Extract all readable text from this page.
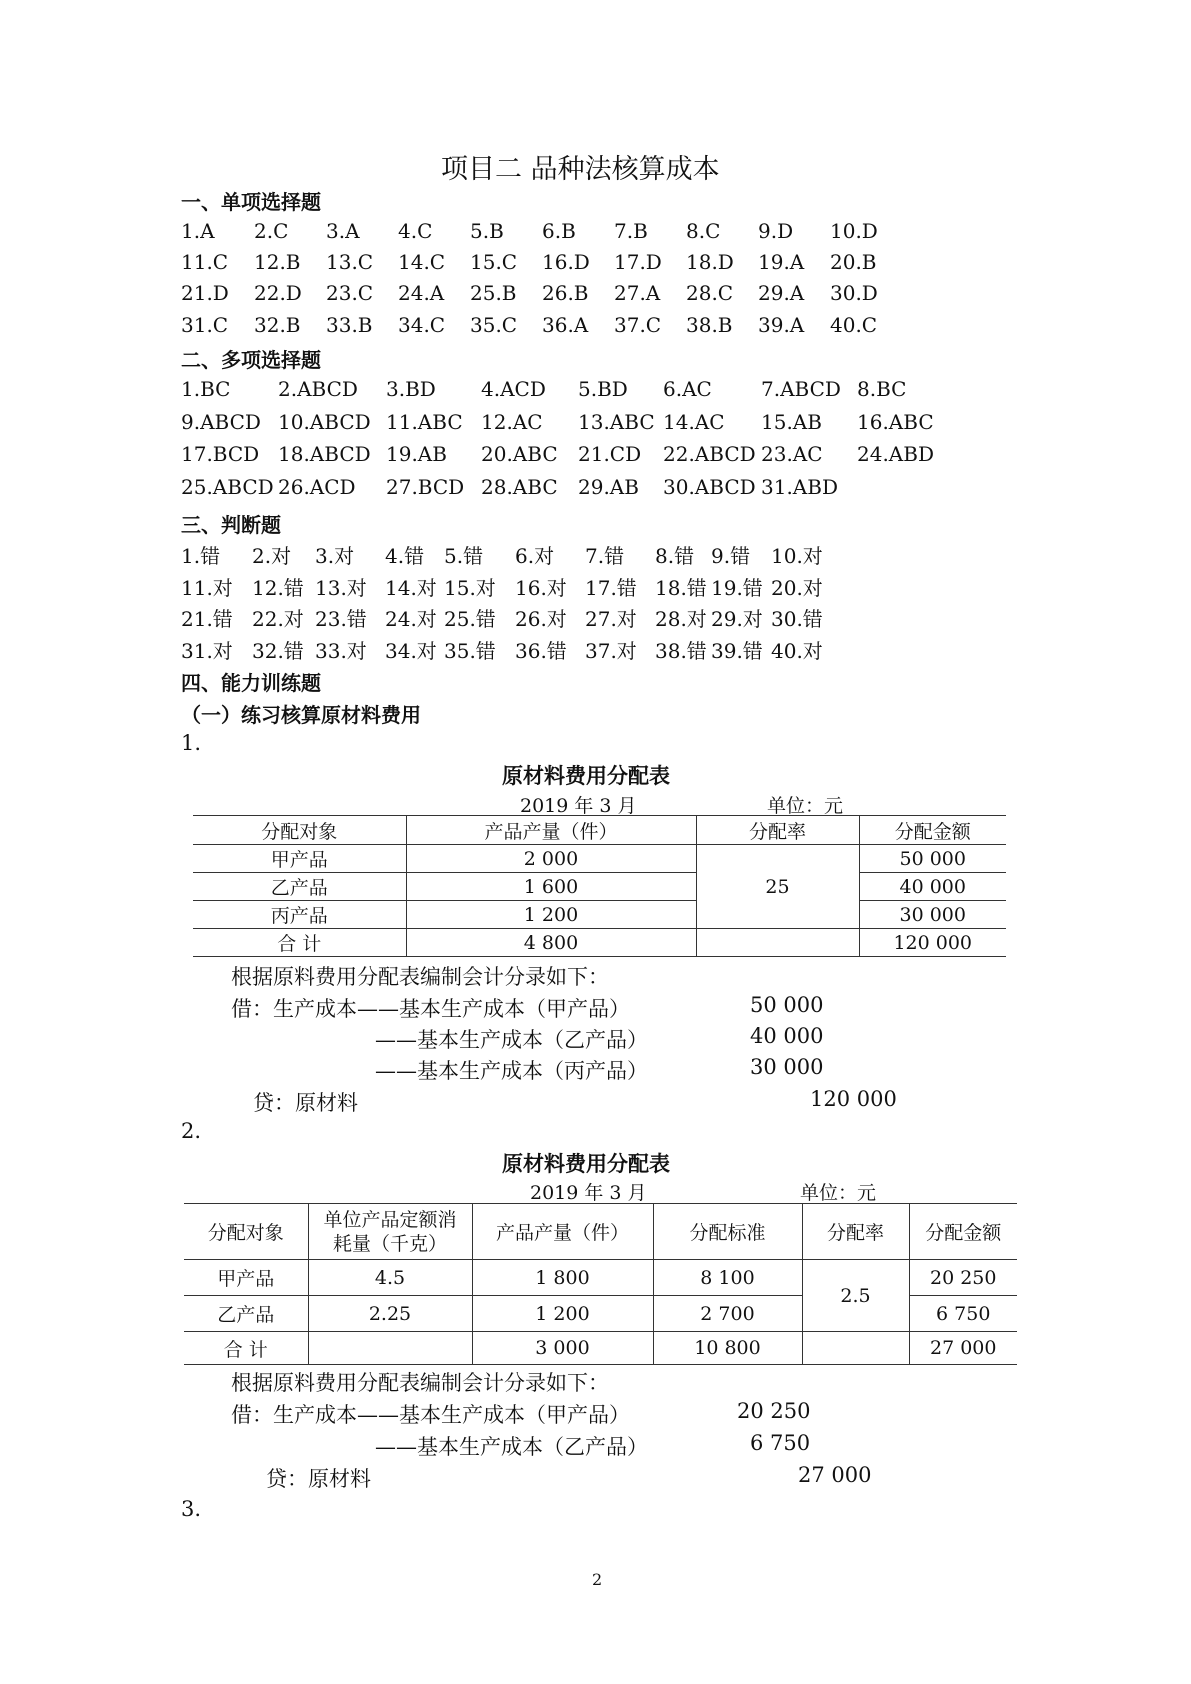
项目二 品种法核算成本
一、单项选择题
1.A 2.C 3.A 4.C 5.B 6.B 7.B 8.C 9.D 10.D
11.C 12.B 13.C 14.C 15.C 16.D 17.D 18.D 19.A 20.B
21.D 22.D 23.C 24.A 25.B 26.B 27.A 28.C 29.A 30.D
31.C 32.B 33.B 34.C 35.C 36.A 37.C 38.B 39.A 40.C
二、多项选择题
1.BC 2.ABCD 3.BD 4.ACD 5.BD 6.AC 7.ABCD 8.BC
9.ABCD 10.ABCD 11.ABC 12.AC 13.ABC 14.AC 15.AB 16.ABC
17.BCD 18.ABCD 19.AB 20.ABC 21.CD 22.ABCD 23.AC 24.ABD
25.ABCD 26.ACD 27.BCD 28.ABC 29.AB 30.ABCD 31.ABD
三、判断题
1.错 2.对 3.对 4.错 5.错 6.对 7.错 8.错 9.错 10.对
11.对 12.错 13.对 14.对 15.对 16.对 17.错 18.错 19.错 20.对
21.错 22.对 23.错 24.对 25.错 26.对 27.对 28.对 29.对 30.错
31.对 32.错 33.对 34.对 35.错 36.错 37.对 38.错 39.错 40.对
四、能力训练题
（一）练习核算原材料费用
1.
原材料费用分配表
2019 年 3 月	单位：元
分配对象	产品产量（件）	分配率	分配金额
甲产品	2 000	25	50 000
乙产品	1 600		40 000
丙产品	1 200		30 000
合 计	4 800		120 000
根据原料费用分配表编制会计分录如下：
借：生产成本——基本生产成本（甲产品）	50 000
——基本生产成本（乙产品）	40 000
——基本生产成本（丙产品）	30 000
贷：原材料	120 000
2.
原材料费用分配表
2019 年 3 月	单位：元
分配对象	单位产品定额消
耗量（千克）	产品产量（件）	分配标准	分配率	分配金额
甲产品	4.5	1 800	8 100	2.5	20 250
乙产品	2.25	1 200	2 700		6 750
合 计		3 000	10 800		27 000
根据原料费用分配表编制会计分录如下：
借：生产成本——基本生产成本（甲产品）	20 250
——基本生产成本（乙产品）	6 750
贷：原材料	27 000
3.
2
